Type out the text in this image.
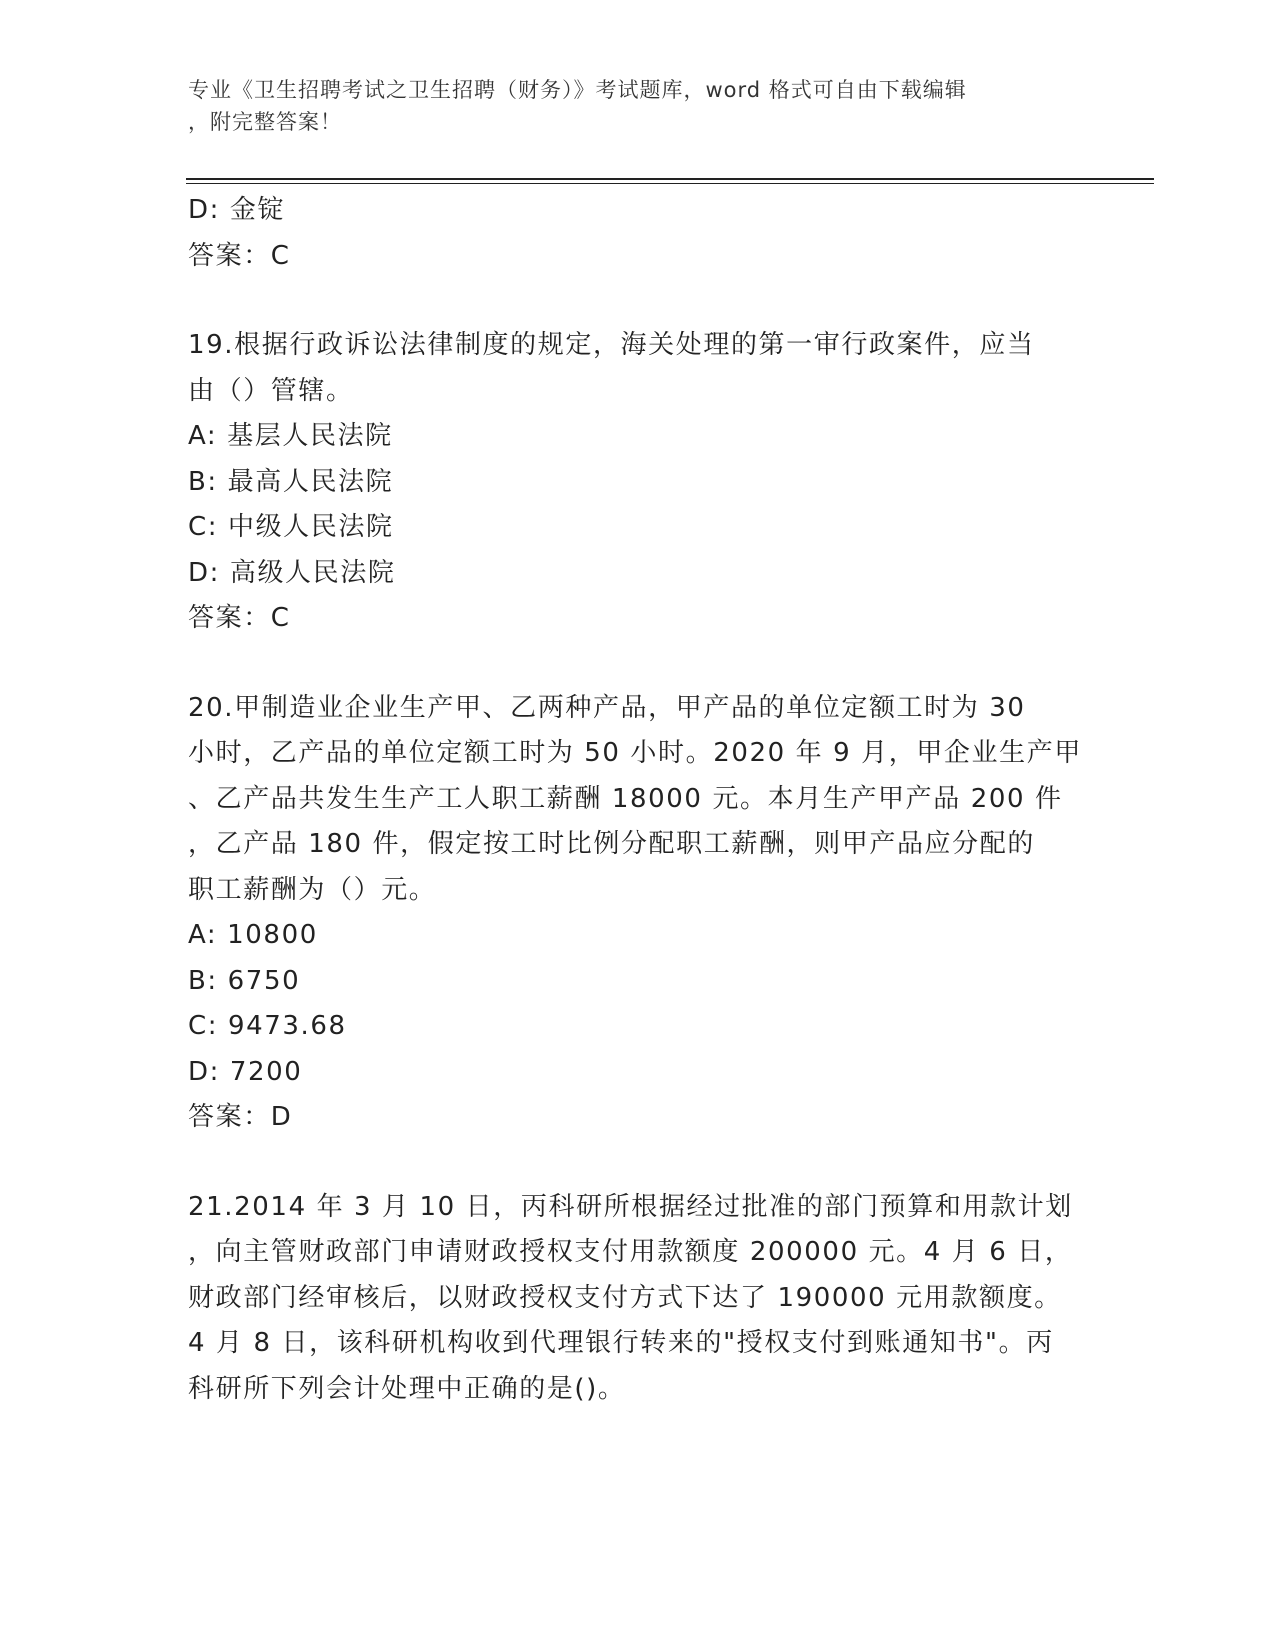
专业《卫生招聘考试之卫生招聘（财务）》考试题库，word 格式可自由下载编辑
，附完整答案！

D: 金锭

答案：C

19.根据行政诉讼法律制度的规定，海关处理的第一审行政案件，应当

由（）管辖。

A: 基层人民法院

B: 最高人民法院

C: 中级人民法院

D: 高级人民法院

答案：C

20.甲制造业企业生产甲、乙两种产品，甲产品的单位定额工时为 30

小时，乙产品的单位定额工时为 50 小时。2020 年 9 月，甲企业生产甲

、乙产品共发生生产工人职工薪酬 18000 元。本月生产甲产品 200 件

，乙产品 180 件，假定按工时比例分配职工薪酬，则甲产品应分配的

职工薪酬为（）元。

A: 10800

B: 6750

C: 9473.68

D: 7200

答案：D

21.2014 年 3 月 10 日，丙科研所根据经过批准的部门预算和用款计划

，向主管财政部门申请财政授权支付用款额度 200000 元。4 月 6 日，

财政部门经审核后，以财政授权支付方式下达了 190000 元用款额度。

4 月 8 日，该科研机构收到代理银行转来的"授权支付到账通知书"。丙

科研所下列会计处理中正确的是()。
